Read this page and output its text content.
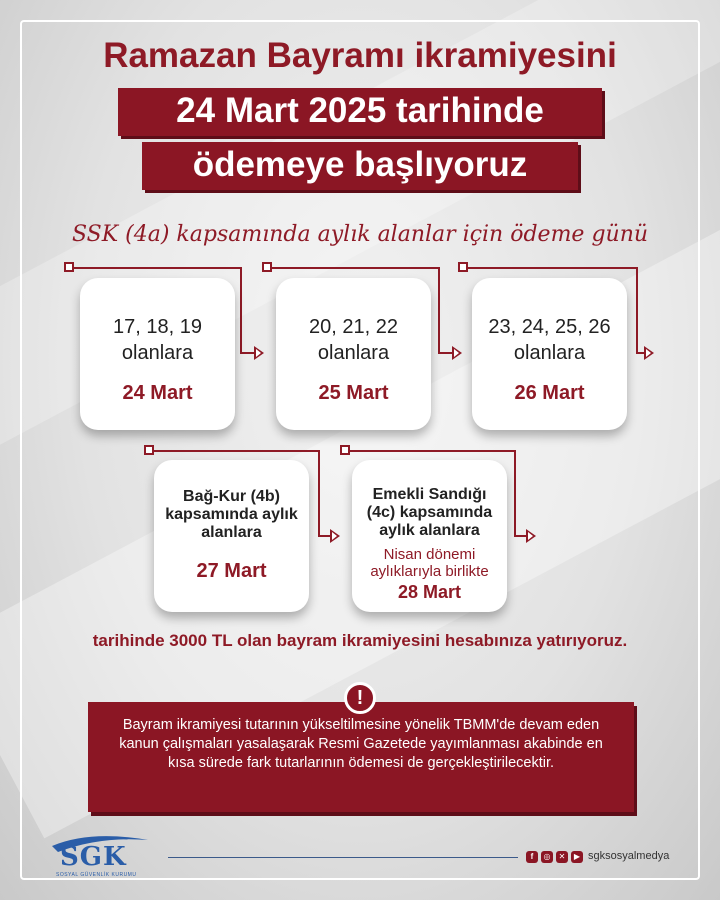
Ramazan Bayramı ikramiyesini
24 Mart 2025 tarihinde
ödemeye başlıyoruz
SSK (4a) kapsamında aylık alanlar için ödeme günü
17, 18, 19
olanlara
24 Mart
20, 21, 22
olanlara
25 Mart
23, 24, 25, 26
olanlara
26 Mart
Bağ-Kur (4b) kapsamında aylık alanlara
27 Mart
Emekli Sandığı (4c) kapsamında aylık alanlara
Nisan dönemi aylıklarıyla birlikte
28 Mart
tarihinde 3000 TL olan bayram ikramiyesini hesabınıza yatırıyoruz.
Bayram ikramiyesi tutarının yükseltilmesine yönelik TBMM'de devam eden kanun çalışmaları yasalaşarak Resmi Gazetede yayımlanması akabinde en kısa sürede fark tutarlarının ödemesi de gerçekleştirilecektir.
!
SGK
SOSYAL GÜVENLİK KURUMU
f	◎	✕	▶ sgksosyalmedya
